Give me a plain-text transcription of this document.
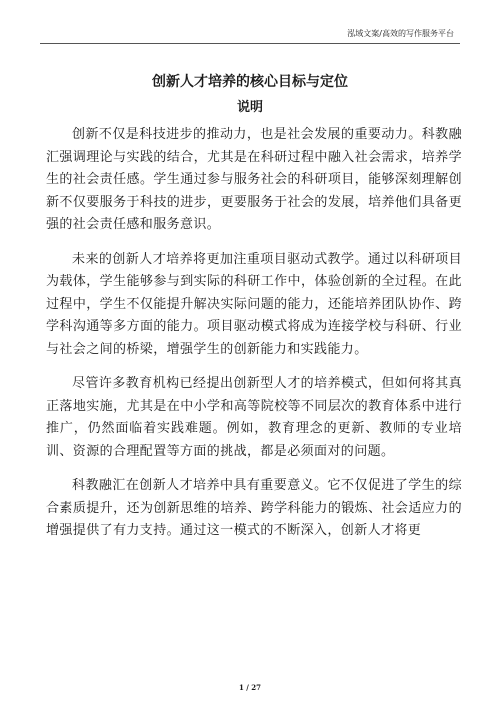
泓域文案/高效的写作服务平台
创新人才培养的核心目标与定位
说明

创新不仅是科技进步的推动力，也是社会发展的重要动力。科教融汇强调理论与实践的结合，尤其是在科研过程中融入社会需求，培养学生的社会责任感。学生通过参与服务社会的科研项目，能够深刻理解创新不仅要服务于科技的进步，更要服务于社会的发展，培养他们具备更强的社会责任感和服务意识。

未来的创新人才培养将更加注重项目驱动式教学。通过以科研项目为载体，学生能够参与到实际的科研工作中，体验创新的全过程。在此过程中，学生不仅能提升解决实际问题的能力，还能培养团队协作、跨学科沟通等多方面的能力。项目驱动模式将成为连接学校与科研、行业与社会之间的桥梁，增强学生的创新能力和实践能力。

尽管许多教育机构已经提出创新型人才的培养模式，但如何将其真正落地实施，尤其是在中小学和高等院校等不同层次的教育体系中进行推广，仍然面临着实践难题。例如，教育理念的更新、教师的专业培训、资源的合理配置等方面的挑战，都是必须面对的问题。

科教融汇在创新人才培养中具有重要意义。它不仅促进了学生的综合素质提升，还为创新思维的培养、跨学科能力的锻炼、社会适应力的增强提供了有力支持。通过这一模式的不断深入，创新人才将更

1 / 27
